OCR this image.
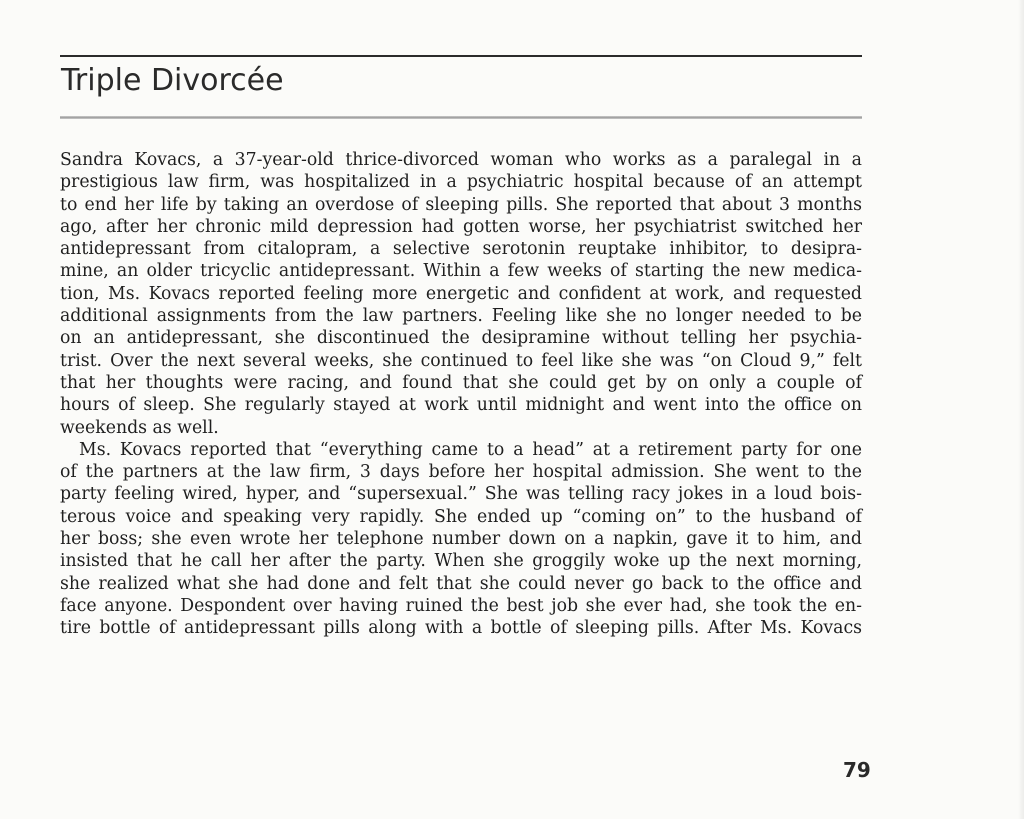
Triple Divorcée
Sandra Kovacs, a 37-year-old thrice-divorced woman who works as a paralegal in a
prestigious law firm, was hospitalized in a psychiatric hospital because of an attempt
to end her life by taking an overdose of sleeping pills. She reported that about 3 months
ago, after her chronic mild depression had gotten worse, her psychiatrist switched her
antidepressant from citalopram, a selective serotonin reuptake inhibitor, to desipra-
mine, an older tricyclic antidepressant. Within a few weeks of starting the new medica-
tion, Ms. Kovacs reported feeling more energetic and confident at work, and requested
additional assignments from the law partners. Feeling like she no longer needed to be
on an antidepressant, she discontinued the desipramine without telling her psychia-
trist. Over the next several weeks, she continued to feel like she was “on Cloud 9,” felt
that her thoughts were racing, and found that she could get by on only a couple of
hours of sleep. She regularly stayed at work until midnight and went into the office on
weekends as well.
Ms. Kovacs reported that “everything came to a head” at a retirement party for one
of the partners at the law firm, 3 days before her hospital admission. She went to the
party feeling wired, hyper, and “supersexual.” She was telling racy jokes in a loud bois-
terous voice and speaking very rapidly. She ended up “coming on” to the husband of
her boss; she even wrote her telephone number down on a napkin, gave it to him, and
insisted that he call her after the party. When she groggily woke up the next morning,
she realized what she had done and felt that she could never go back to the office and
face anyone. Despondent over having ruined the best job she ever had, she took the en-
tire bottle of antidepressant pills along with a bottle of sleeping pills. After Ms. Kovacs
79
